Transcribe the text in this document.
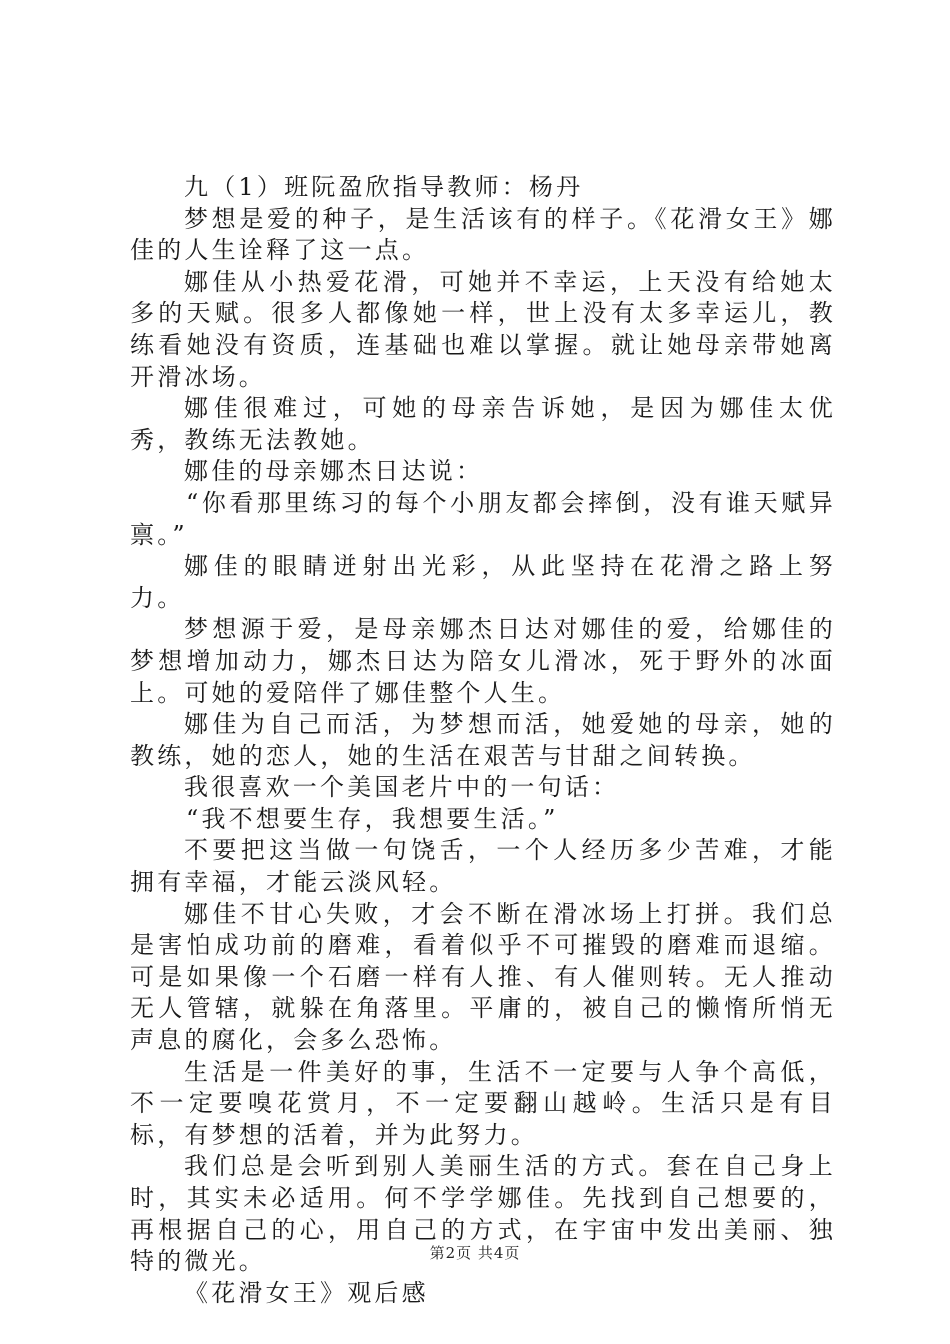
九（1）班阮盈欣指导教师：杨丹

梦想是爱的种子，是生活该有的样子。《花滑女王》娜佳的人生诠释了这一点。

娜佳从小热爱花滑，可她并不幸运，上天没有给她太多的天赋。很多人都像她一样，世上没有太多幸运儿，教练看她没有资质，连基础也难以掌握。就让她母亲带她离开滑冰场。

娜佳很难过，可她的母亲告诉她，是因为娜佳太优秀，教练无法教她。

娜佳的母亲娜杰日达说：

“你看那里练习的每个小朋友都会摔倒，没有谁天赋异禀。”

娜佳的眼睛迸射出光彩，从此坚持在花滑之路上努力。

梦想源于爱，是母亲娜杰日达对娜佳的爱，给娜佳的梦想增加动力，娜杰日达为陪女儿滑冰，死于野外的冰面上。可她的爱陪伴了娜佳整个人生。

娜佳为自己而活，为梦想而活，她爱她的母亲，她的教练，她的恋人，她的生活在艰苦与甘甜之间转换。

我很喜欢一个美国老片中的一句话：

“我不想要生存，我想要生活。”

不要把这当做一句饶舌，一个人经历多少苦难，才能拥有幸福，才能云淡风轻。

娜佳不甘心失败，才会不断在滑冰场上打拼。我们总是害怕成功前的磨难，看着似乎不可摧毁的磨难而退缩。可是如果像一个石磨一样有人推、有人催则转。无人推动无人管辖，就躲在角落里。平庸的，被自己的懒惰所悄无声息的腐化，会多么恐怖。

生活是一件美好的事，生活不一定要与人争个高低，不一定要嗅花赏月，不一定要翻山越岭。生活只是有目标，有梦想的活着，并为此努力。

我们总是会听到别人美丽生活的方式。套在自己身上时，其实未必适用。何不学学娜佳。先找到自己想要的，再根据自己的心，用自己的方式，在宇宙中发出美丽、独特的微光。

《花滑女王》观后感

第2页 共4页
